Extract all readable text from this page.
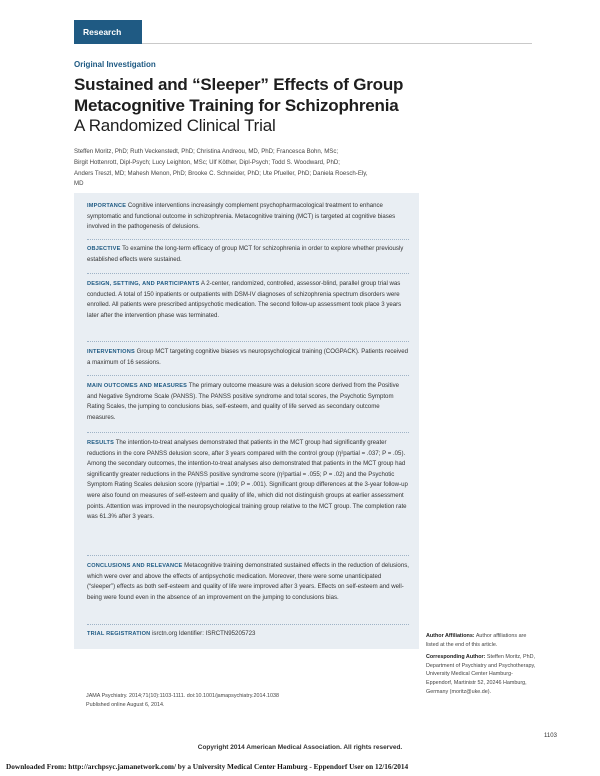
Research
Original Investigation
Sustained and “Sleeper” Effects of Group Metacognitive Training for Schizophrenia
A Randomized Clinical Trial
Steffen Moritz, PhD; Ruth Veckenstedt, PhD; Christina Andreou, MD, PhD; Francesca Bohn, MSc;
Birgit Hottenrott, Dipl-Psych; Lucy Leighton, MSc; Ulf Köther, Dipl-Psych; Todd S. Woodward, PhD;
Anders Treszl, MD; Mahesh Menon, PhD; Brooke C. Schneider, PhD; Ute Pfueller, PhD; Daniela Roesch-Ely, MD
IMPORTANCE Cognitive interventions increasingly complement psychopharmacological treatment to enhance symptomatic and functional outcome in schizophrenia. Metacognitive training (MCT) is targeted at cognitive biases involved in the pathogenesis of delusions.
OBJECTIVE To examine the long-term efficacy of group MCT for schizophrenia in order to explore whether previously established effects were sustained.
DESIGN, SETTING, AND PARTICIPANTS A 2-center, randomized, controlled, assessor-blind, parallel group trial was conducted. A total of 150 inpatients or outpatients with DSM-IV diagnoses of schizophrenia spectrum disorders were enrolled. All patients were prescribed antipsychotic medication. The second follow-up assessment took place 3 years later after the intervention phase was terminated.
INTERVENTIONS Group MCT targeting cognitive biases vs neuropsychological training (COGPACK). Patients received a maximum of 16 sessions.
MAIN OUTCOMES AND MEASURES The primary outcome measure was a delusion score derived from the Positive and Negative Syndrome Scale (PANSS). The PANSS positive syndrome and total scores, the Psychotic Symptom Rating Scales, the jumping to conclusions bias, self-esteem, and quality of life served as secondary outcome measures.
RESULTS The intention-to-treat analyses demonstrated that patients in the MCT group had significantly greater reductions in the core PANSS delusion score, after 3 years compared with the control group (η²partial = .037; P = .05). Among the secondary outcomes, the intention-to-treat analyses also demonstrated that patients in the MCT group had significantly greater reductions in the PANSS positive syndrome score (η²partial = .055; P = .02) and the Psychotic Symptom Rating Scales delusion score (η²partial = .109; P = .001). Significant group differences at the 3-year follow-up were also found on measures of self-esteem and quality of life, which did not distinguish groups at earlier assessment points. Attention was improved in the neuropsychological training group relative to the MCT group. The completion rate was 61.3% after 3 years.
CONCLUSIONS AND RELEVANCE Metacognitive training demonstrated sustained effects in the reduction of delusions, which were over and above the effects of antipsychotic medication. Moreover, there were some unanticipated (“sleeper”) effects as both self-esteem and quality of life were improved after 3 years. Effects on self-esteem and well-being were found even in the absence of an improvement on the jumping to conclusions bias.
TRIAL REGISTRATION isrctn.org Identifier: ISRCTN95205723	Author Affiliations: Author affiliations are listed at the end of this article.
Corresponding Author: Steffen Moritz, PhD, Department of Psychiatry and Psychotherapy, University Medical Center Hamburg-Eppendorf, Martinistr 52, 20246 Hamburg, Germany (moritz@uke.de).
JAMA Psychiatry. 2014;71(10):1103-1111. doi:10.1001/jamapsychiatry.2014.1038
Published online August 6, 2014.
1103
Copyright 2014 American Medical Association. All rights reserved.
Downloaded From: http://archpsyc.jamanetwork.com/ by a University Medical Center Hamburg - Eppendorf User on 12/16/2014
